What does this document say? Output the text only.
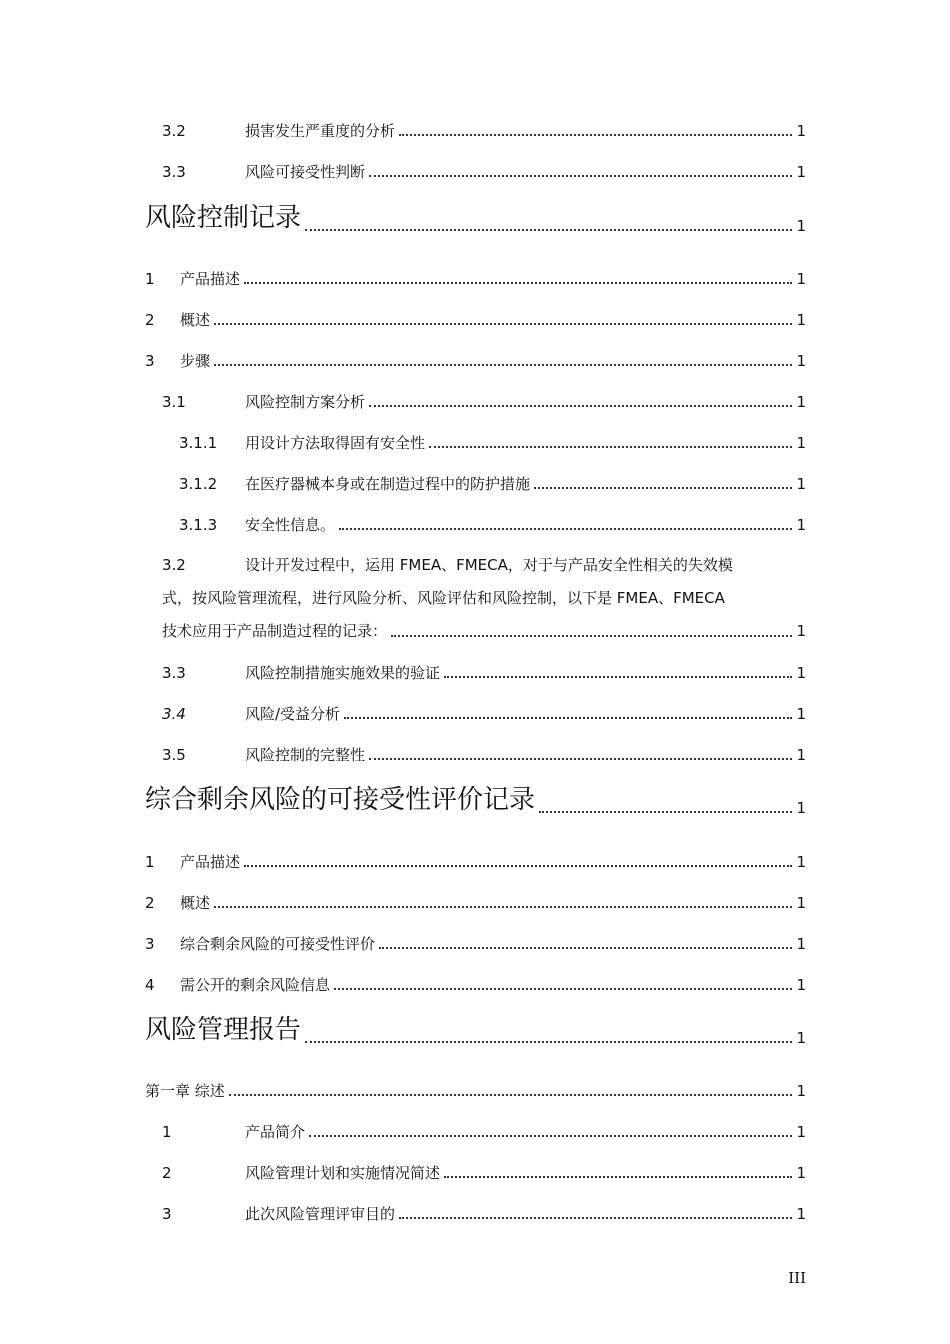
3.2	损害发生严重度的分析	1
3.3	风险可接受性判断	1
风险控制记录	1
1	产品描述	1
2	概述	1
3	步骤	1
3.1	风险控制方案分析	1
3.1.1	用设计方法取得固有安全性	1
3.1.2	在医疗器械本身或在制造过程中的防护措施	1
3.1.3	安全性信息。	1
3.2	设计开发过程中，运用 FMEA、FMECA，对于与产品安全性相关的失效模
式，按风险管理流程，进行风险分析、风险评估和风险控制，以下是 FMEA、FMECA
技术应用于产品制造过程的记录：	1
3.3	风险控制措施实施效果的验证	1
3.4	风险/受益分析	1
3.5	风险控制的完整性	1
综合剩余风险的可接受性评价记录	1
1	产品描述	1
2	概述	1
3	综合剩余风险的可接受性评价	1
4	需公开的剩余风险信息	1
风险管理报告	1
第一章 综述	1
1	产品简介	1
2	风险管理计划和实施情况简述	1
3	此次风险管理评审目的	1
III
